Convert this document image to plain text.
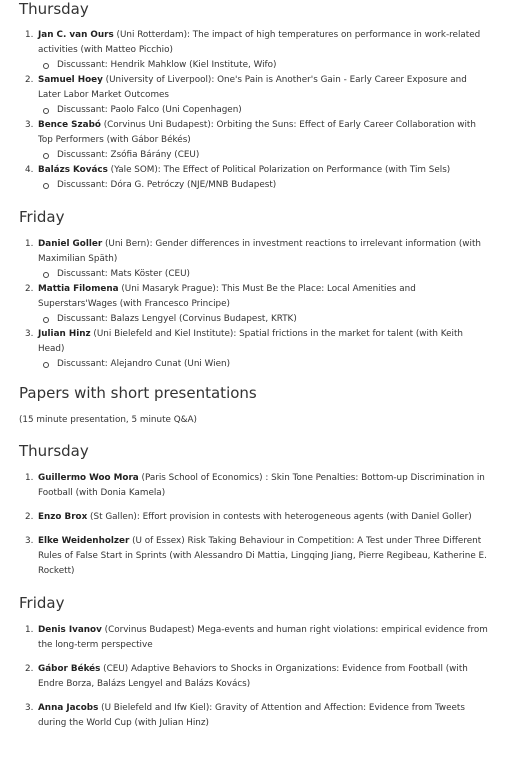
Thursday
1. Jan C. van Ours (Uni Rotterdam): The impact of high temperatures on performance in work-related activities (with Matteo Picchio)
Discussant: Hendrik Mahklow (Kiel Institute, Wifo)
2. Samuel Hoey (University of Liverpool): One's Pain is Another's Gain - Early Career Exposure and Later Labor Market Outcomes
Discussant: Paolo Falco (Uni Copenhagen)
3. Bence Szabó (Corvinus Uni Budapest): Orbiting the Suns: Effect of Early Career Collaboration with Top Performers (with Gábor Békés)
Discussant: Zsófia Bárány (CEU)
4. Balázs Kovács (Yale SOM): The Effect of Political Polarization on Performance (with Tim Sels)
Discussant: Dóra G. Petróczy (NJE/MNB Budapest)
Friday
1. Daniel Goller (Uni Bern): Gender differences in investment reactions to irrelevant information (with Maximilian Späth)
Discussant: Mats Köster (CEU)
2. Mattia Filomena (Uni Masaryk Prague): This Must Be the Place: Local Amenities and Superstars'Wages (with Francesco Principe)
Discussant: Balazs Lengyel (Corvinus Budapest, KRTK)
3. Julian Hinz (Uni Bielefeld and Kiel Institute): Spatial frictions in the market for talent (with Keith Head)
Discussant: Alejandro Cunat (Uni Wien)
Papers with short presentations
(15 minute presentation, 5 minute Q&A)
Thursday
1. Guillermo Woo Mora (Paris School of Economics) : Skin Tone Penalties: Bottom-up Discrimination in Football (with Donia Kamela)
2. Enzo Brox (St Gallen): Effort provision in contests with heterogeneous agents (with Daniel Goller)
3. Elke Weidenholzer (U of Essex) Risk Taking Behaviour in Competition: A Test under Three Different Rules of False Start in Sprints (with Alessandro Di Mattia, Lingqing Jiang, Pierre Regibeau, Katherine E. Rockett)
Friday
1. Denis Ivanov (Corvinus Budapest) Mega-events and human right violations: empirical evidence from the long-term perspective
2. Gábor Békés (CEU) Adaptive Behaviors to Shocks in Organizations: Evidence from Football (with Endre Borza, Balázs Lengyel and Balázs Kovács)
3. Anna Jacobs (U Bielefeld and Ifw Kiel): Gravity of Attention and Affection: Evidence from Tweets during the World Cup (with Julian Hinz)
